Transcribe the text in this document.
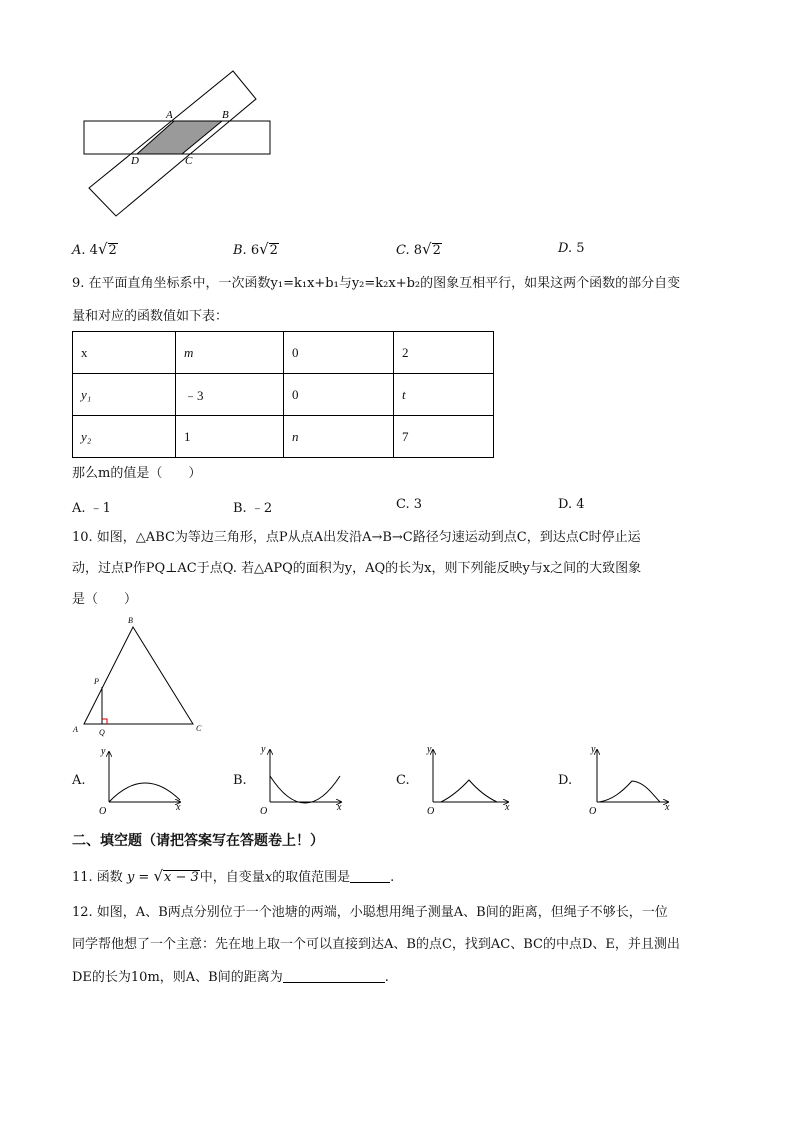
A	B
D	C
A. 4√2	B. 6√2	C. 8√2	D. 5
9. 在平面直角坐标系中，一次函数y₁=k₁x+b₁与y₂=k₂x+b₂的图象互相平行，如果这两个函数的部分自变
量和对应的函数值如下表：
x	m	0	2
y₁	﹣3	0	t
y₂	1	n	7
那么m的值是（　　）
A. ﹣1	B. ﹣2	C. 3	D. 4
10. 如图，△ABC为等边三角形，点P从点A出发沿A→B→C路径匀速运动到点C，到达点C时停止运
动，过点P作PQ⊥AC于点Q. 若△APQ的面积为y，AQ的长为x，则下列能反映y与x之间的大致图象
是（　　）
B
P
A	Q	C
A.	B.	C.	D.
y
O	x
y
O	x
y
O	x
y
O	x
二、填空题（请把答案写在答题卷上！）
11. 函数 y = √x − 3中，自变量x的取值范围是	.
12. 如图，A、B两点分别位于一个池塘的两端，小聪想用绳子测量A、B间的距离，但绳子不够长，一位
同学帮他想了一个主意：先在地上取一个可以直接到达A、B的点C，找到AC、BC的中点D、E，并且测出
DE的长为10m，则A、B间的距离为	.
